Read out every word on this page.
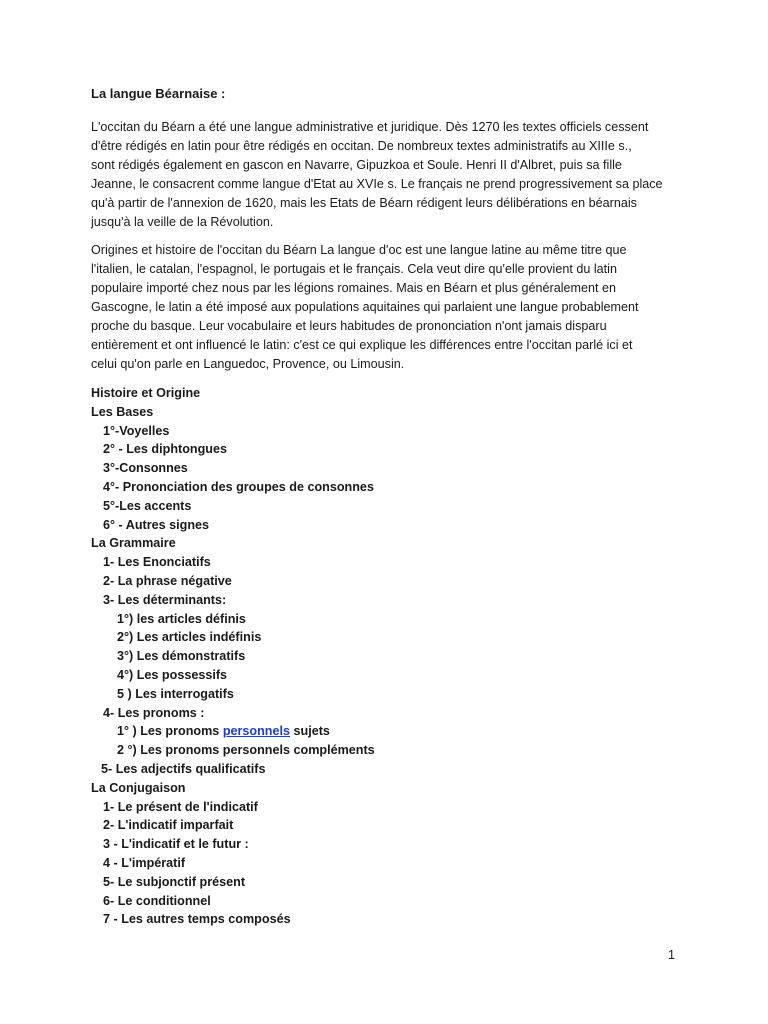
La langue Béarnaise :
L'occitan du Béarn a été une langue administrative et juridique. Dès 1270 les textes officiels cessent
d'être rédigés en latin pour être rédigés en occitan. De nombreux textes administratifs au XIIIe s.,
sont rédigés également en gascon en Navarre, Gipuzkoa et Soule. Henri II d'Albret, puis sa fille
Jeanne, le consacrent comme langue d'Etat au XVIe s. Le français ne prend progressivement sa place
qu'à partir de l'annexion de 1620, mais les Etats de Béarn rédigent leurs délibérations en béarnais
jusqu'à la veille de la Révolution.
Origines et histoire de l'occitan du Béarn La langue d'oc est une langue latine au même titre que
l'italien, le catalan, l'espagnol, le portugais et le français. Cela veut dire qu'elle provient du latin
populaire importé chez nous par les légions romaines. Mais en Béarn et plus généralement en
Gascogne, le latin a été imposé aux populations aquitaines qui parlaient une langue probablement
proche du basque. Leur vocabulaire et leurs habitudes de prononciation n'ont jamais disparu
entièrement et ont influencé le latin: c'est ce qui explique les différences entre l'occitan parlé ici et
celui qu'on parle en Languedoc, Provence, ou Limousin.
Histoire et Origine
Les Bases
1°-Voyelles
2° - Les diphtongues
3°-Consonnes
4°- Prononciation des groupes de consonnes
5°-Les accents
6° - Autres signes
La Grammaire
1- Les Enonciatifs
2- La phrase négative
3- Les déterminants:
1°) les articles définis
2°) Les articles indéfinis
3°) Les démonstratifs
4°) Les possessifs
5 ) Les interrogatifs
4- Les pronoms :
1° ) Les pronoms personnels sujets
2 °) Les pronoms personnels compléments
5- Les adjectifs qualificatifs
La Conjugaison
1- Le présent de l'indicatif
2- L'indicatif imparfait
3 - L'indicatif et le futur :
4 - L'impératif
5- Le subjonctif présent
6- Le conditionnel
7 - Les autres temps composés
1
